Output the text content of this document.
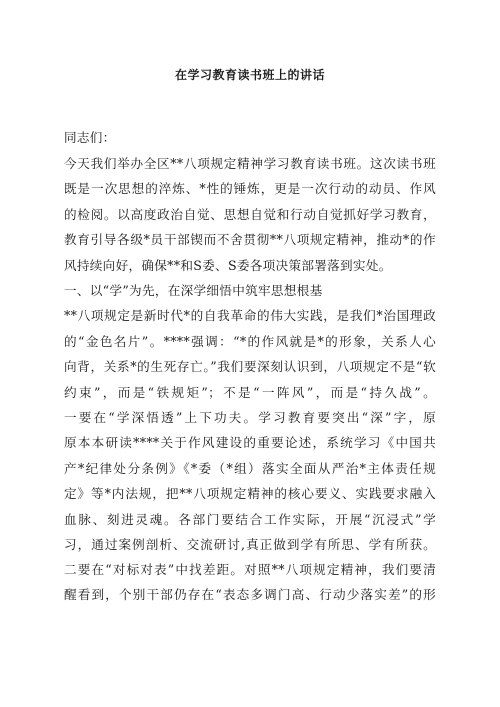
在学习教育读书班上的讲话
同志们：
今天我们举办全区**八项规定精神学习教育读书班。这次读书班
既是一次思想的淬炼、*性的锤炼，更是一次行动的动员、作风
的检阅。以高度政治自觉、思想自觉和行动自觉抓好学习教育，
教育引导各级*员干部锲而不舍贯彻**八项规定精神，推动*的作
风持续向好，确保**和S委、S委各项决策部署落到实处。
一、以“学”为先，在深学细悟中筑牢思想根基
**八项规定是新时代*的自我革命的伟大实践，是我们*治国理政
的“金色名片”。****强调：“*的作风就是*的形象，关系人心
向背，关系*的生死存亡。”我们要深刻认识到，八项规定不是“软
约束”，而是“铁规矩”；不是“一阵风”，而是“持久战”。
一要在“学深悟透”上下功夫。学习教育要突出“深”字，原
原本本研读****关于作风建设的重要论述，系统学习《中国共
产*纪律处分条例》《*委（*组）落实全面从严治*主体责任规
定》等*内法规，把**八项规定精神的核心要义、实践要求融入
血脉、刻进灵魂。各部门要结合工作实际，开展“沉浸式”学
习，通过案例剖析、交流研讨,真正做到学有所思、学有所获。
二要在“对标对表”中找差距。对照**八项规定精神，我们要清
醒看到，个别干部仍存在“表态多调门高、行动少落实差”的形
